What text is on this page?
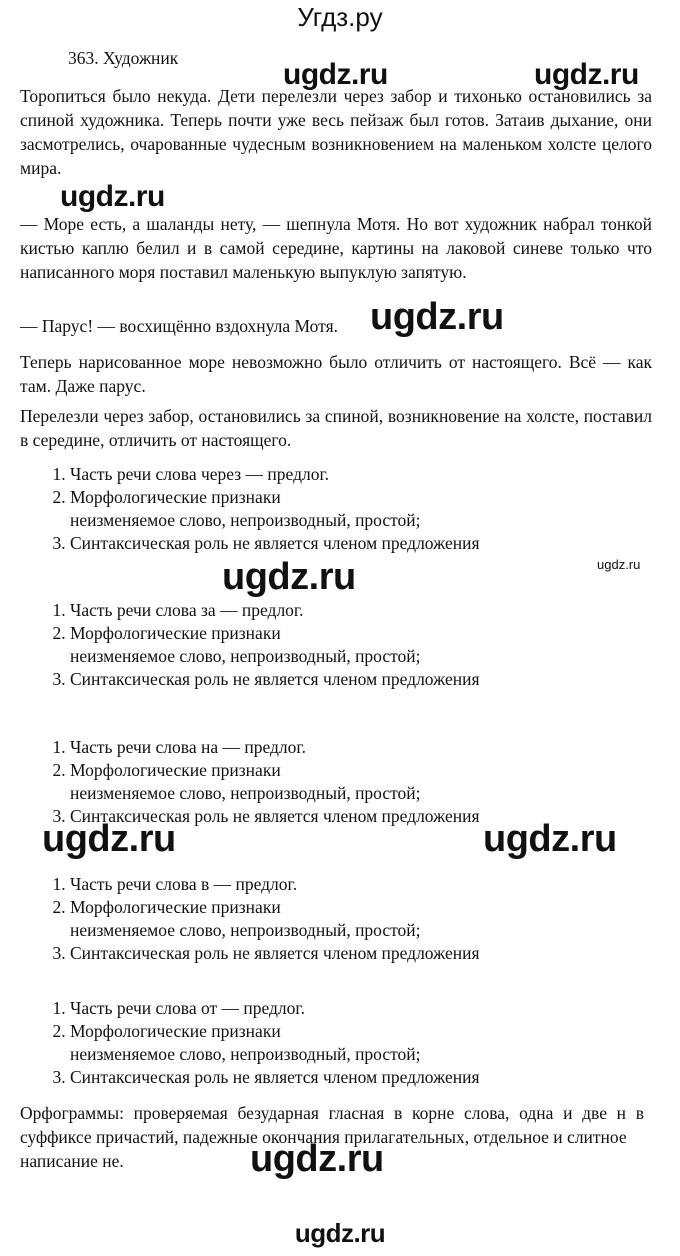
Угдз.ру
363. Художник

Торопиться было некуда. Дети перелезли через забор и тихонько остановились за спиной художника. Теперь почти уже весь пейзаж был готов. Затаив дыхание, они засмотрелись, очарованные чудесным возникновением на маленьком холсте целого мира.

— Море есть, а шаланды нету, — шепнула Мотя. Но вот художник набрал тонкой кистью каплю белил и в самой середине, картины на лаковой синеве только что написанного моря поставил маленькую выпуклую запятую.

— Парус! — восхищённо вздохнула Мотя.

Теперь нарисованное море невозможно было отличить от настоящего. Всё — как там. Даже парус.

Перелезли через забор, остановились за спиной, возникновение на холсте, поставил в середине, отличить от настоящего.

1. Часть речи слова через — предлог.
2. Морфологические признаки
неизменяемое слово, непроизводный, простой;
3. Синтаксическая роль не является членом предложения
1. Часть речи слова за — предлог.
2. Морфологические признаки
неизменяемое слово, непроизводный, простой;
3. Синтаксическая роль не является членом предложения
1. Часть речи слова на — предлог.
2. Морфологические признаки
неизменяемое слово, непроизводный, простой;
3. Синтаксическая роль не является членом предложения
1. Часть речи слова в — предлог.
2. Морфологические признаки
неизменяемое слово, непроизводный, простой;
3. Синтаксическая роль не является членом предложения
1. Часть речи слова от — предлог.
2. Морфологические признаки
неизменяемое слово, непроизводный, простой;
3. Синтаксическая роль не является членом предложения

Орфограммы: проверяемая безударная гласная в корне слова, одна и две н в суффиксе причастий, падежные окончания прилагательных, отдельное и слитное

написание не.

ugdz.ru	ugdz.ru
ugdz.ru
ugdz.ru
ugdz.ru	ugdz.ru
ugdz.ru	ugdz.ru
ugdz.ru
ugdz.ru
